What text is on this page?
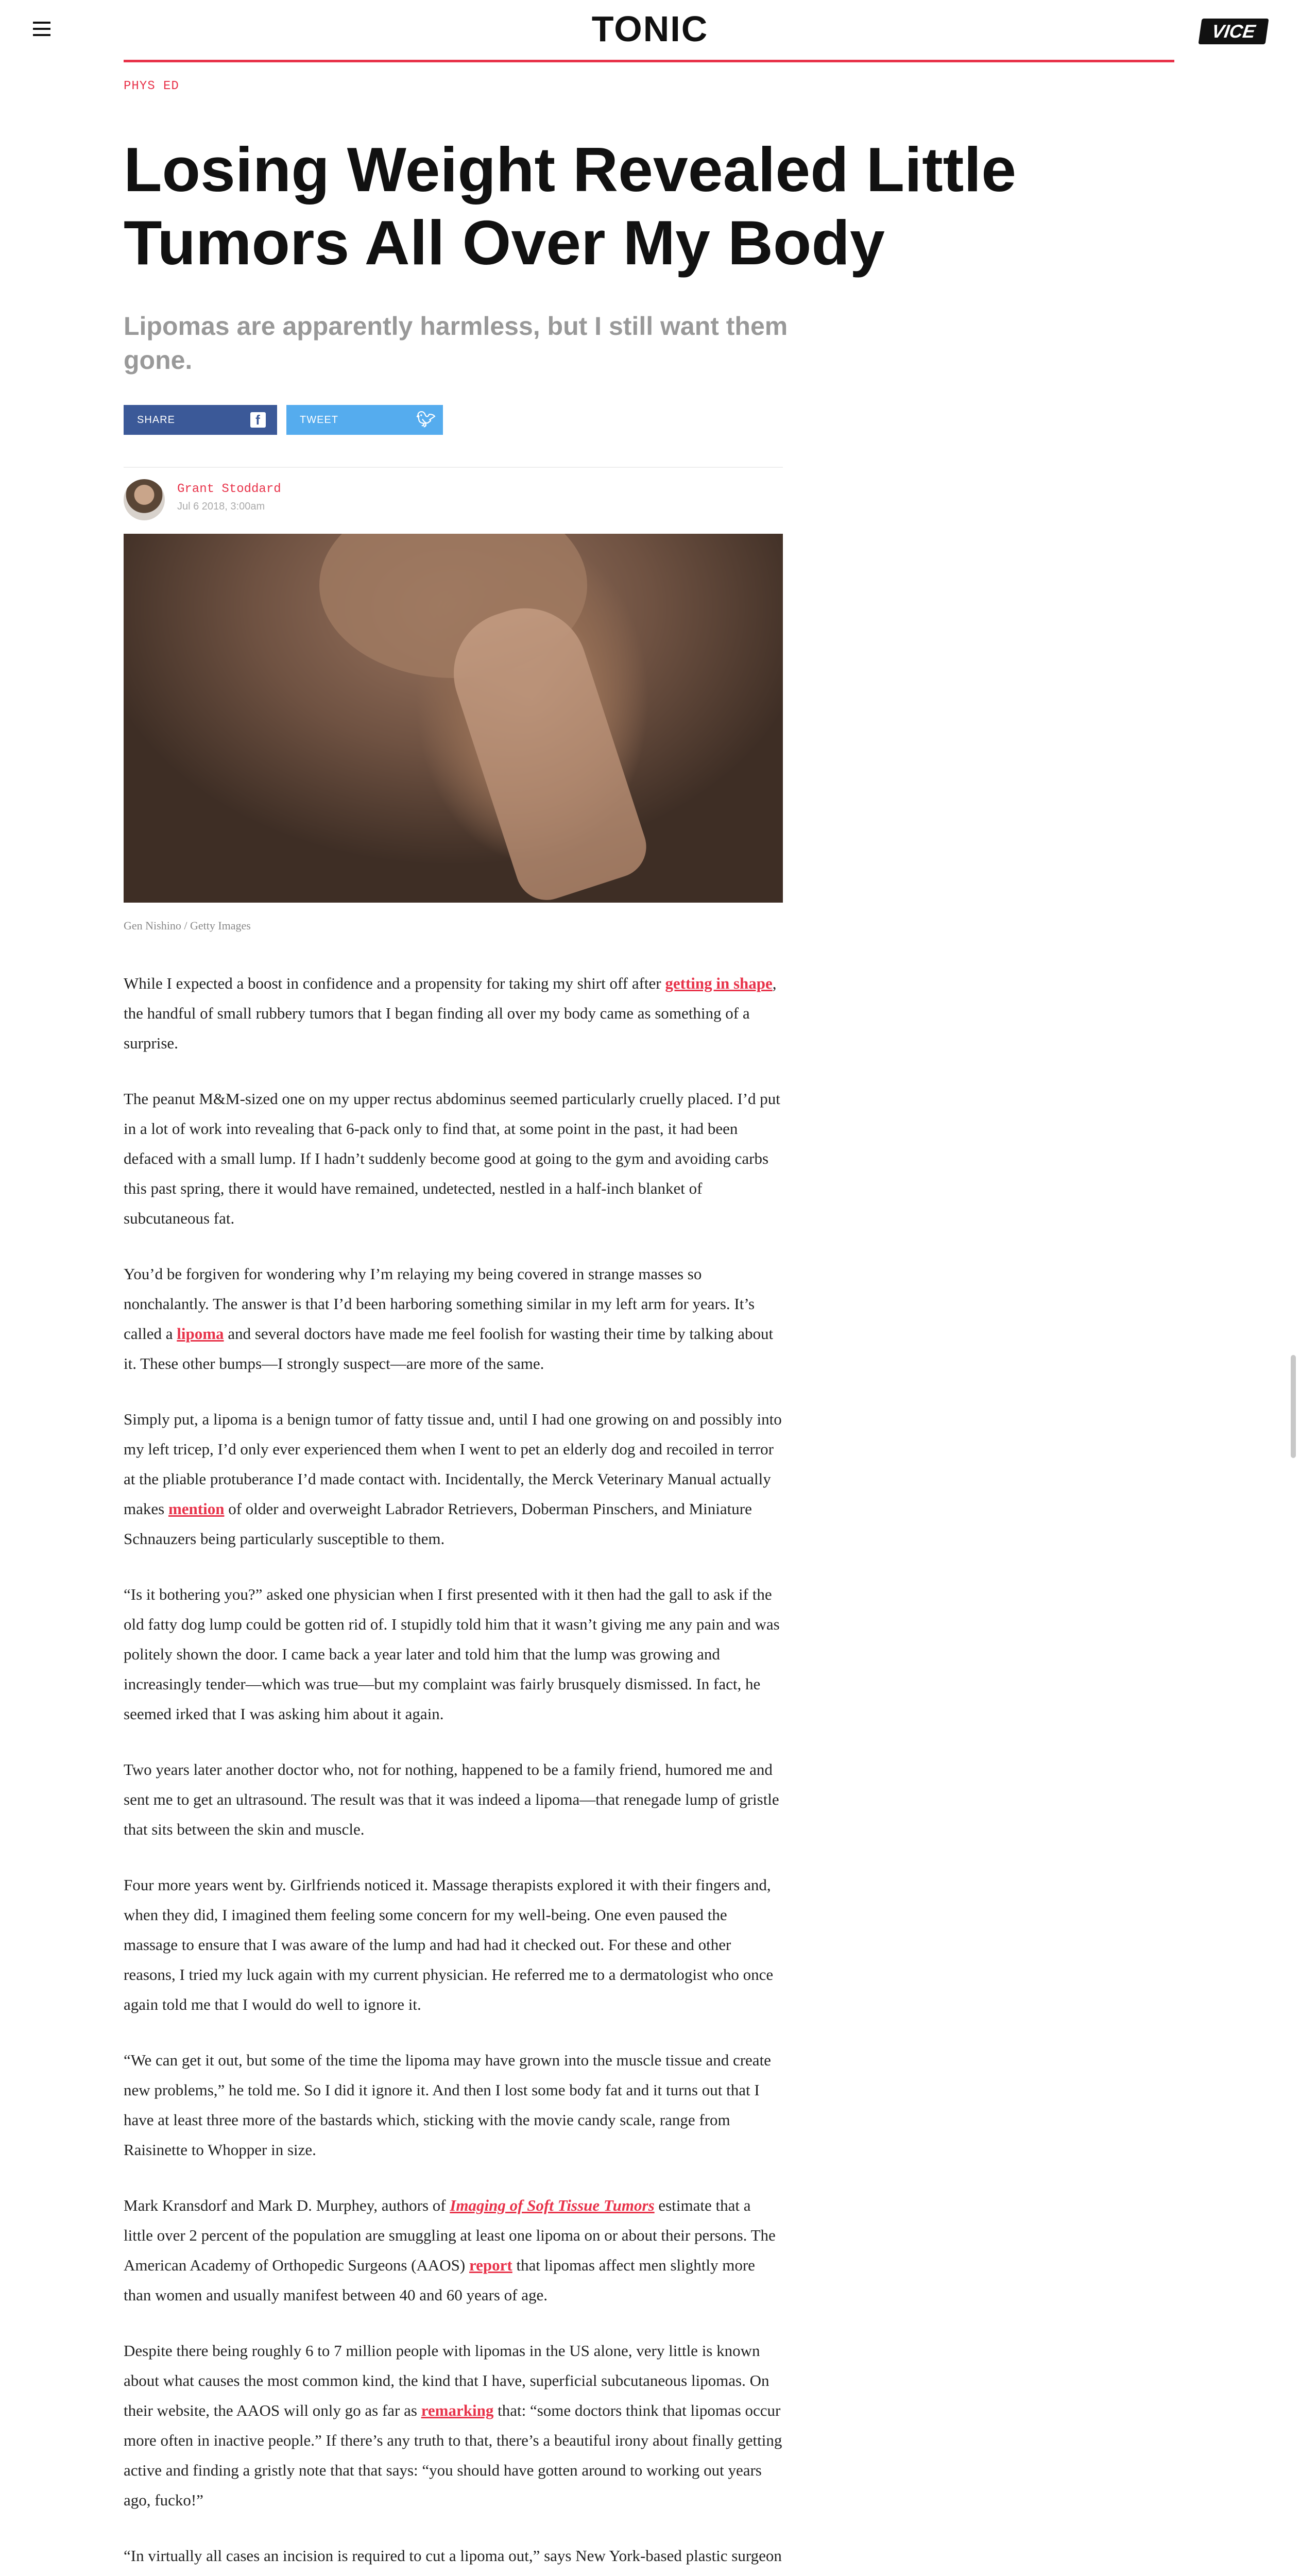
TONIC	VICE
PHYS ED
Losing Weight Revealed Little Tumors All Over My Body
Lipomas are apparently harmless, but I still want them gone.
SHARE	f	TWEET	🐦︎
Grant Stoddard
Jul 6 2018, 3:00am
Gen Nishino / Getty Images

While I expected a boost in confidence and a propensity for taking my shirt off after getting in shape, the handful of small rubbery tumors that I began finding all over my body came as something of a surprise.

The peanut M&M-sized one on my upper rectus abdominus seemed particularly cruelly placed. I’d put in a lot of work into revealing that 6-pack only to find that, at some point in the past, it had been defaced with a small lump. If I hadn’t suddenly become good at going to the gym and avoiding carbs this past spring, there it would have remained, undetected, nestled in a half-inch blanket of subcutaneous fat.

You’d be forgiven for wondering why I’m relaying my being covered in strange masses so nonchalantly. The answer is that I’d been harboring something similar in my left arm for years. It’s called a lipoma and several doctors have made me feel foolish for wasting their time by talking about it. These other bumps—I strongly suspect—are more of the same.

Simply put, a lipoma is a benign tumor of fatty tissue and, until I had one growing on and possibly into my left tricep, I’d only ever experienced them when I went to pet an elderly dog and recoiled in terror at the pliable protuberance I’d made contact with. Incidentally, the Merck Veterinary Manual actually makes mention of older and overweight Labrador Retrievers, Doberman Pinschers, and Miniature Schnauzers being particularly susceptible to them.

“Is it bothering you?” asked one physician when I first presented with it then had the gall to ask if the old fatty dog lump could be gotten rid of. I stupidly told him that it wasn’t giving me any pain and was politely shown the door. I came back a year later and told him that the lump was growing and increasingly tender—which was true—but my complaint was fairly brusquely dismissed. In fact, he seemed irked that I was asking him about it again.

Two years later another doctor who, not for nothing, happened to be a family friend, humored me and sent me to get an ultrasound. The result was that it was indeed a lipoma—that renegade lump of gristle that sits between the skin and muscle.

Four more years went by. Girlfriends noticed it. Massage therapists explored it with their fingers and, when they did, I imagined them feeling some concern for my well-being. One even paused the massage to ensure that I was aware of the lump and had had it checked out. For these and other reasons, I tried my luck again with my current physician. He referred me to a dermatologist who once again told me that I would do well to ignore it.

“We can get it out, but some of the time the lipoma may have grown into the muscle tissue and create new problems,” he told me. So I did it ignore it. And then I lost some body fat and it turns out that I have at least three more of the bastards which, sticking with the movie candy scale, range from Raisinette to Whopper in size.

Mark Kransdorf and Mark D. Murphey, authors of Imaging of Soft Tissue Tumors estimate that a little over 2 percent of the population are smuggling at least one lipoma on or about their persons. The American Academy of Orthopedic Surgeons (AAOS) report that lipomas affect men slightly more than women and usually manifest between 40 and 60 years of age.

Despite there being roughly 6 to 7 million people with lipomas in the US alone, very little is known about what causes the most common kind, the kind that I have, superficial subcutaneous lipomas. On their website, the AAOS will only go as far as remarking that: “some doctors think that lipomas occur more often in inactive people.” If there’s any truth to that, there’s a beautiful irony about finally getting active and finding a gristly note that that says: “you should have gotten around to working out years ago, fucko!”

“In virtually all cases an incision is required to cut a lipoma out,” says New York-based plastic surgeon
